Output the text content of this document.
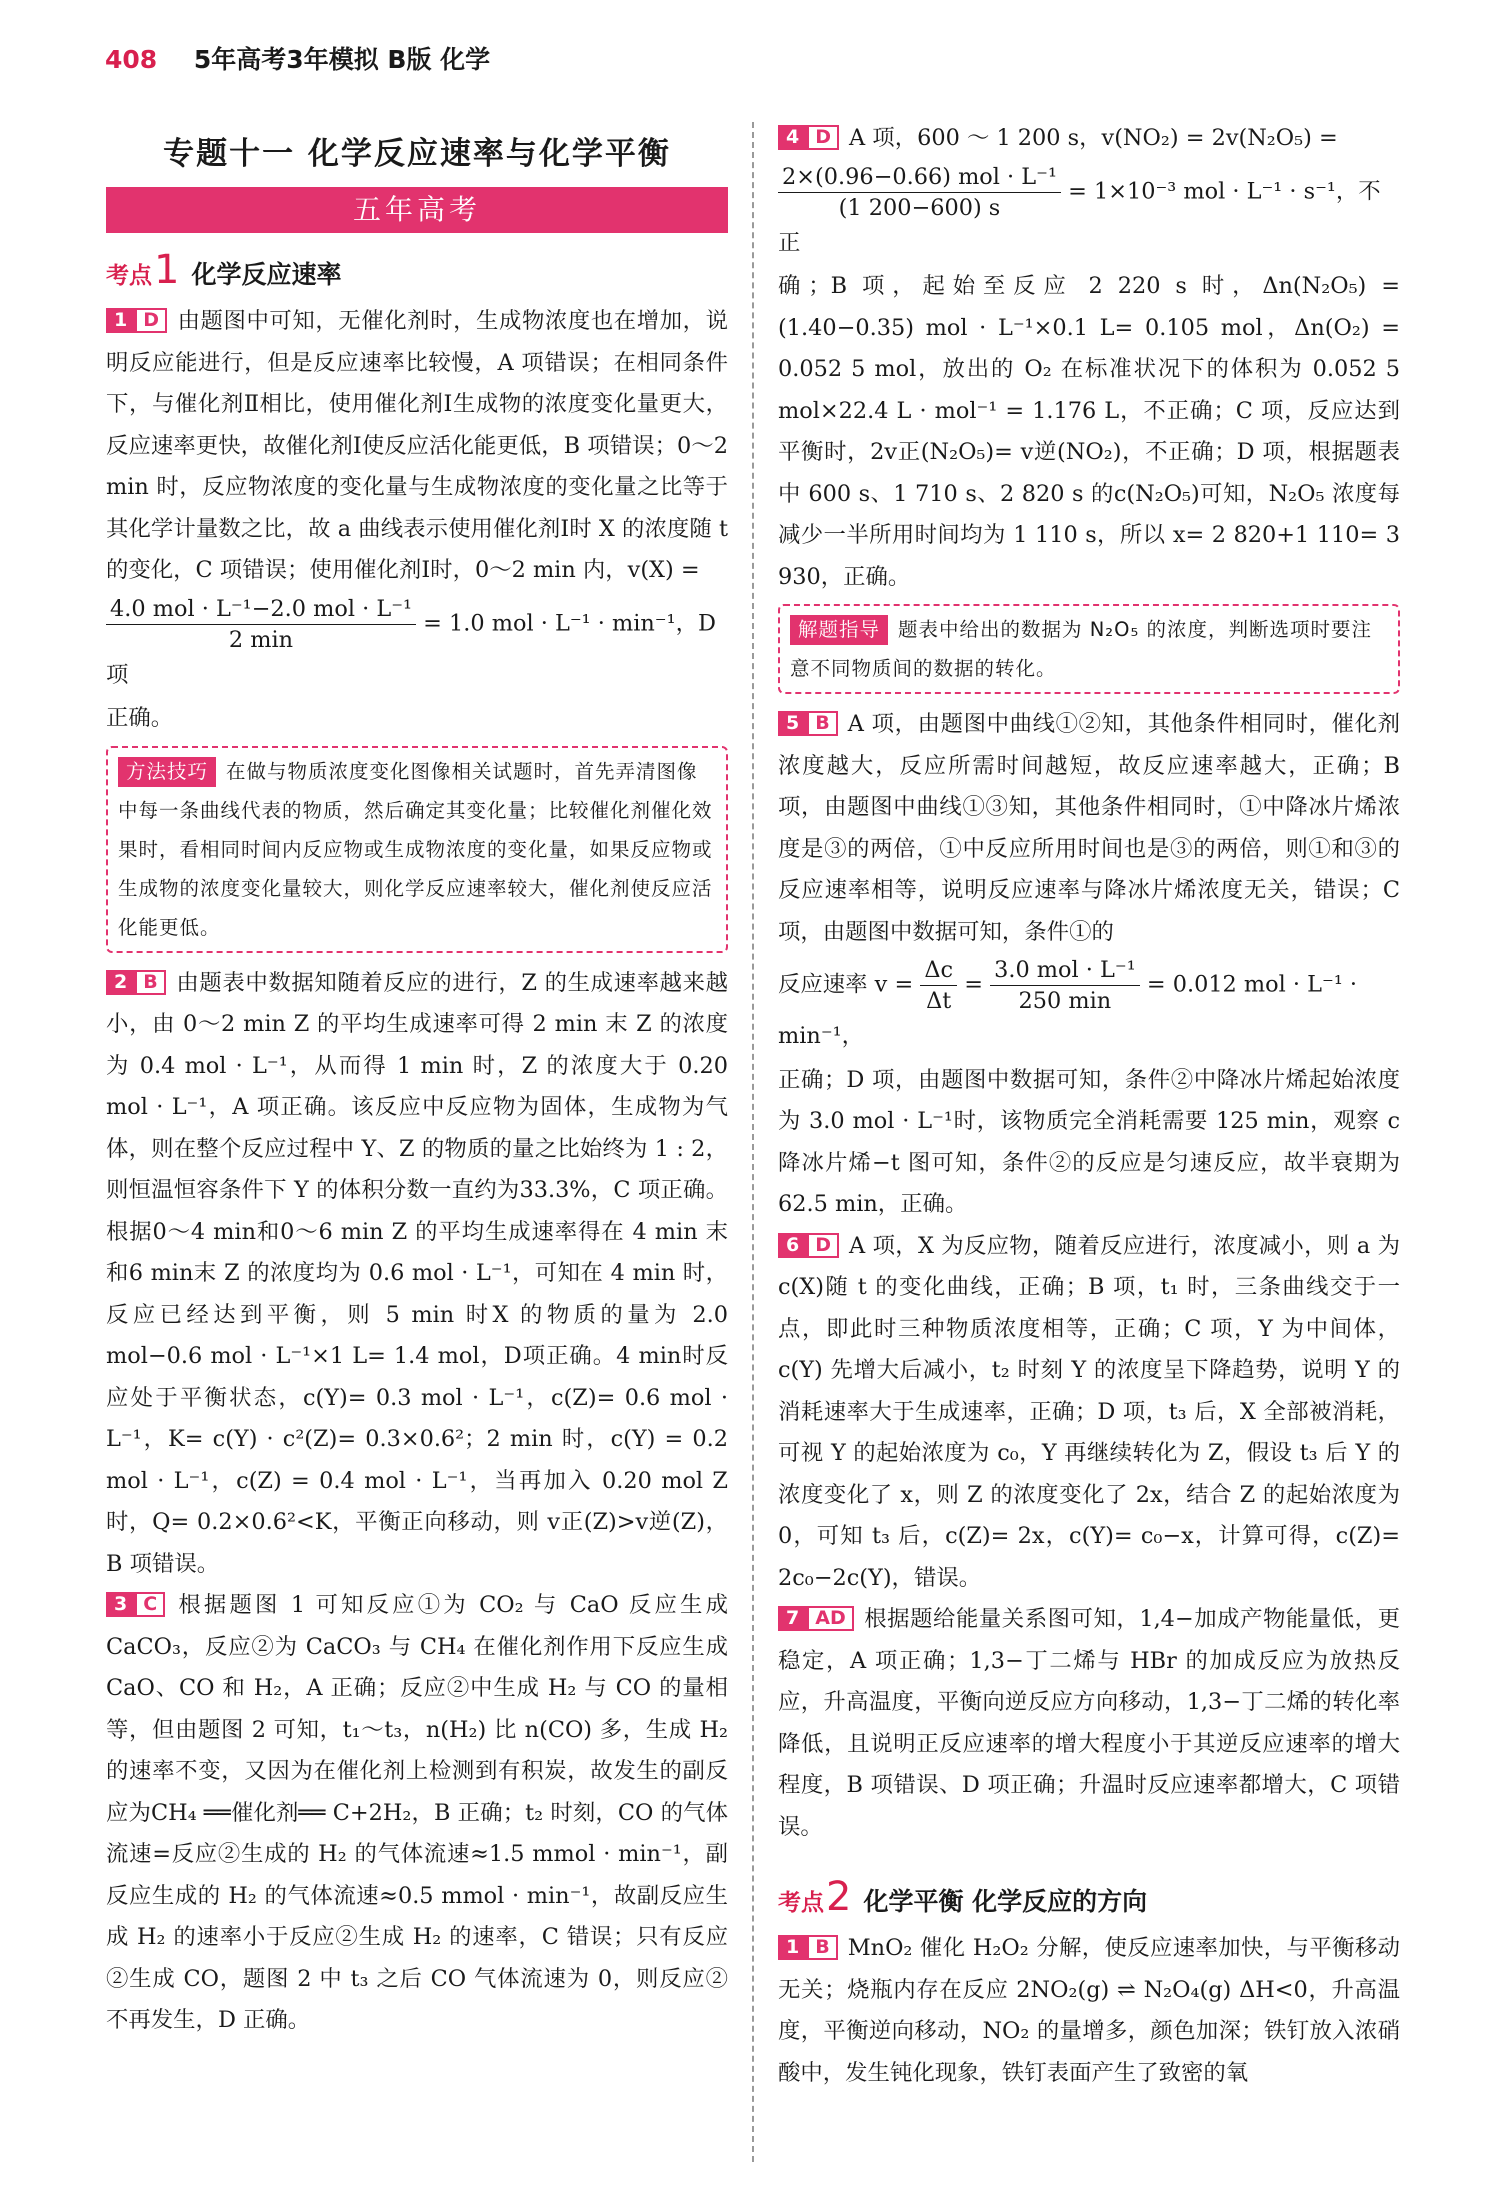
408 5年高考3年模拟 B版 化学
专题十一 化学反应速率与化学平衡
五年高考
考点1 化学反应速率

1 D 由题图中可知，无催化剂时，生成物浓度也在增加，说明反应能进行，但是反应速率比较慢，A 项错误；在相同条件下，与催化剂Ⅱ相比，使用催化剂Ⅰ生成物的浓度变化量更大，反应速率更快，故催化剂Ⅰ使反应活化能更低，B 项错误；0～2 min 时，反应物浓度的变化量与生成物浓度的变化量之比等于其化学计量数之比，故 a 曲线表示使用催化剂Ⅰ时 X 的浓度随 t 的变化，C 项错误；使用催化剂Ⅰ时，0～2 min 内，v(X) =

$\frac{\text{4.0 mol · L⁻¹−2.0 mol · L⁻¹}}{2 \min} = 1.0$ mol · L⁻¹ · min⁻¹，D 项

正确。

方法技巧 在做与物质浓度变化图像相关试题时，首先弄清图像中每一条曲线代表的物质，然后确定其变化量；比较催化剂催化效果时，看相同时间内反应物或生成物浓度的变化量，如果反应物或生成物的浓度变化量较大，则化学反应速率较大，催化剂使反应活化能更低。

2 B 由题表中数据知随着反应的进行，Z 的生成速率越来越小，由 0～2 min Z 的平均生成速率可得 2 min 末 Z 的浓度为 0.4 mol · L⁻¹，从而得 1 min 时，Z 的浓度大于 0.20 mol · L⁻¹，A 项正确。该反应中反应物为固体，生成物为气体，则在整个反应过程中 Y、Z 的物质的量之比始终为 1 : 2，则恒温恒容条件下 Y 的体积分数一直约为33.3%，C 项正确。根据0～4 min和0～6 min Z 的平均生成速率得在 4 min 末和6 min末 Z 的浓度均为 0.6 mol · L⁻¹，可知在 4 min 时，反应已经达到平衡，则 5 min 时X 的物质的量为 2.0 mol−0.6 mol · L⁻¹×1 L= 1.4 mol，D项正确。4 min时反应处于平衡状态，c(Y)= 0.3 mol · L⁻¹，c(Z)= 0.6 mol · L⁻¹，K= c(Y) · c²(Z)= 0.3×0.6²；2 min 时，c(Y) = 0.2 mol · L⁻¹，c(Z) = 0.4 mol · L⁻¹，当再加入 0.20 mol Z 时，Q= 0.2×0.6²<K，平衡正向移动，则 v正(Z)>v逆(Z)，B 项错误。

3 C 根据题图 1 可知反应①为 CO₂ 与 CaO 反应生成 CaCO₃，反应②为 CaCO₃ 与 CH₄ 在催化剂作用下反应生成 CaO、CO 和 H₂，A 正确；反应②中生成 H₂ 与 CO 的量相等，但由题图 2 可知，t₁～t₃，n(H₂) 比 n(CO) 多，生成 H₂ 的速率不变，又因为在催化剂上检测到有积炭，故发生的副反应为CH₄ ══催化剂══ C+2H₂，B 正确；t₂ 时刻，CO 的气体流速=反应②生成的 H₂ 的气体流速≈1.5 mmol · min⁻¹，副反应生成的 H₂ 的气体流速≈0.5 mmol · min⁻¹，故副反应生成 H₂ 的速率小于反应②生成 H₂ 的速率，C 错误；只有反应②生成 CO，题图 2 中 t₃ 之后 CO 气体流速为 0，则反应②不再发生，D 正确。

4 D A 项，600 ～ 1 200 s，v(NO₂) = 2v(N₂O₅) =

$\frac{\text{2×(0.96−0.66) mol · L⁻¹}}{(1 200-600) s} = 1\times 10^{-3}$ mol · L⁻¹ · s⁻¹，不正

确；B 项，起始至反应 2 220 s 时，Δn(N₂O₅) = (1.40−0.35) mol · L⁻¹×0.1 L= 0.105 mol，Δn(O₂) = 0.052 5 mol，放出的 O₂ 在标准状况下的体积为 0.052 5 mol×22.4 L · mol⁻¹ = 1.176 L，不正确；C 项，反应达到平衡时，2v正(N₂O₅)= v逆(NO₂)，不正确；D 项，根据题表中 600 s、1 710 s、2 820 s 的c(N₂O₅)可知，N₂O₅ 浓度每减少一半所用时间均为 1 110 s，所以 x= 2 820+1 110= 3 930，正确。

解题指导 题表中给出的数据为 N₂O₅ 的浓度，判断选项时要注意不同物质间的数据的转化。

5 B A 项，由题图中曲线①②知，其他条件相同时，催化剂浓度越大，反应所需时间越短，故反应速率越大，正确；B 项，由题图中曲线①③知，其他条件相同时，①中降冰片烯浓度是③的两倍，①中反应所用时间也是③的两倍，则①和③的反应速率相等，说明反应速率与降冰片烯浓度无关，错误；C 项，由题图中数据可知，条件①的

反应速率 $v = \frac{\Delta c}{\Delta t} = \frac{\text{3.0 mol · L⁻¹}}{250 \min} = 0.012$ mol · L⁻¹ · min⁻¹，

正确；D 项，由题图中数据可知，条件②中降冰片烯起始浓度为 3.0 mol · L⁻¹时，该物质完全消耗需要 125 min，观察 c降冰片烯−t 图可知，条件②的反应是匀速反应，故半衰期为 62.5 min，正确。

6 D A 项，X 为反应物，随着反应进行，浓度减小，则 a 为c(X)随 t 的变化曲线，正确；B 项，t₁ 时，三条曲线交于一点，即此时三种物质浓度相等，正确；C 项，Y 为中间体，c(Y) 先增大后减小，t₂ 时刻 Y 的浓度呈下降趋势，说明 Y 的消耗速率大于生成速率，正确；D 项，t₃ 后，X 全部被消耗，可视 Y 的起始浓度为 c₀，Y 再继续转化为 Z，假设 t₃ 后 Y 的浓度变化了 x，则 Z 的浓度变化了 2x，结合 Z 的起始浓度为 0，可知 t₃ 后，c(Z)= 2x，c(Y)= c₀−x，计算可得，c(Z)= 2c₀−2c(Y)，错误。

7 AD 根据题给能量关系图可知，1,4−加成产物能量低，更稳定，A 项正确；1,3−丁二烯与 HBr 的加成反应为放热反应，升高温度，平衡向逆反应方向移动，1,3−丁二烯的转化率降低，且说明正反应速率的增大程度小于其逆反应速率的增大程度，B 项错误、D 项正确；升温时反应速率都增大，C 项错误。

考点2 化学平衡 化学反应的方向

1 B MnO₂ 催化 H₂O₂ 分解，使反应速率加快，与平衡移动无关；烧瓶内存在反应 2NO₂(g) ⇌ N₂O₄(g) ΔH<0，升高温度，平衡逆向移动，NO₂ 的量增多，颜色加深；铁钉放入浓硝酸中，发生钝化现象，铁钉表面产生了致密的氧
